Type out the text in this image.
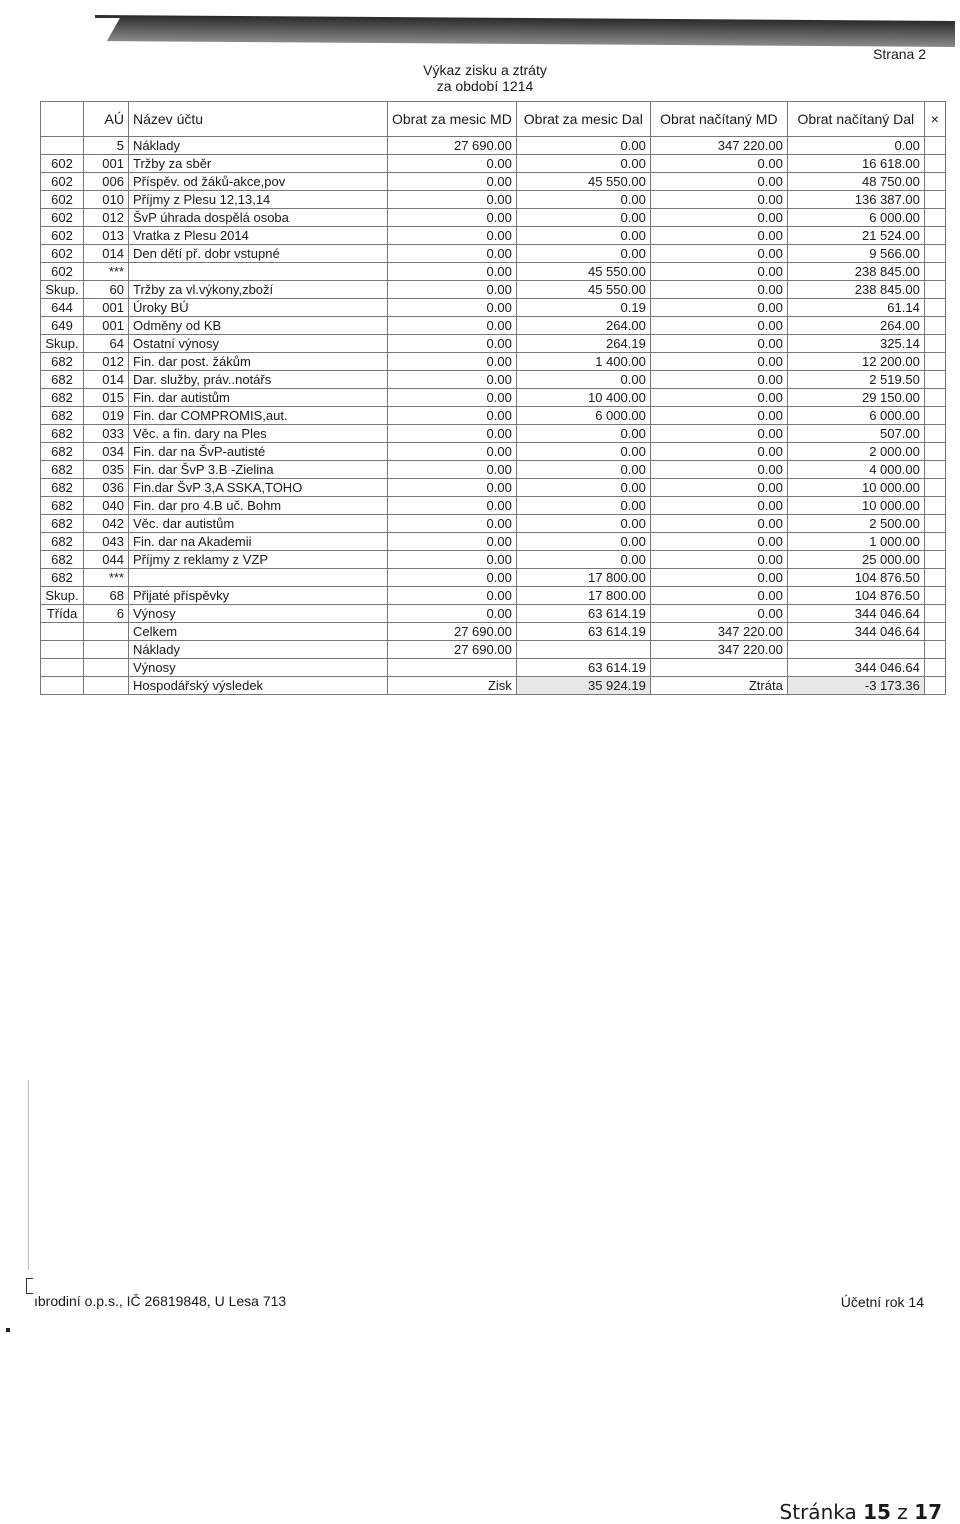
Strana 2
Výkaz zisku a ztráty
za období 1214
	AÚ	Název účtu	Obrat za mesic MD	Obrat za mesic Dal	Obrat načítaný MD	Obrat načítaný Dal	×
	5	Náklady	27 690.00	0.00	347 220.00	0.00	
602	001	Tržby za sběr	0.00	0.00	0.00	16 618.00	
602	006	Příspěv. od žáků-akce,pov	0.00	45 550.00	0.00	48 750.00	
602	010	Příjmy z Plesu 12,13,14	0.00	0.00	0.00	136 387.00	
602	012	ŠvP úhrada dospělá osoba	0.00	0.00	0.00	6 000.00	
602	013	Vratka z Plesu 2014	0.00	0.00	0.00	21 524.00	
602	014	Den dětí př. dobr vstupné	0.00	0.00	0.00	9 566.00	
602	***		0.00	45 550.00	0.00	238 845.00	
Skup.	60	Tržby za vl.výkony,zboží	0.00	45 550.00	0.00	238 845.00	
644	001	Úroky BÚ	0.00	0.19	0.00	61.14	
649	001	Odměny od KB	0.00	264.00	0.00	264.00	
Skup.	64	Ostatní výnosy	0.00	264.19	0.00	325.14	
682	012	Fin. dar post. žákům	0.00	1 400.00	0.00	12 200.00	
682	014	Dar. služby, práv..notářs	0.00	0.00	0.00	2 519.50	
682	015	Fin. dar autistům	0.00	10 400.00	0.00	29 150.00	
682	019	Fin. dar COMPROMIS,aut.	0.00	6 000.00	0.00	6 000.00	
682	033	Věc. a fin. dary na Ples	0.00	0.00	0.00	507.00	
682	034	Fin. dar na ŠvP-autisté	0.00	0.00	0.00	2 000.00	
682	035	Fin. dar ŠvP 3.B -Zielina	0.00	0.00	0.00	4 000.00	
682	036	Fin.dar ŠvP 3,A SSKA,TOHO	0.00	0.00	0.00	10 000.00	
682	040	Fin. dar pro 4.B uč. Bohm	0.00	0.00	0.00	10 000.00	
682	042	Věc. dar autistům	0.00	0.00	0.00	2 500.00	
682	043	Fin. dar na Akademii	0.00	0.00	0.00	1 000.00	
682	044	Příjmy z reklamy z VZP	0.00	0.00	0.00	25 000.00	
682	***		0.00	17 800.00	0.00	104 876.50	
Skup.	68	Přijaté příspěvky	0.00	17 800.00	0.00	104 876.50	
Třída	6	Výnosy	0.00	63 614.19	0.00	344 046.64	
		Celkem	27 690.00	63 614.19	347 220.00	344 046.64	
		Náklady	27 690.00		347 220.00		
		Výnosy		63 614.19		344 046.64	
		Hospodářský výsledek	Zisk	35 924.19	Ztráta	-3 173.36	
ıbrodiní o.p.s., IČ 26819848, U Lesa 713	Účetní rok 14
Stránka 15 z 17
